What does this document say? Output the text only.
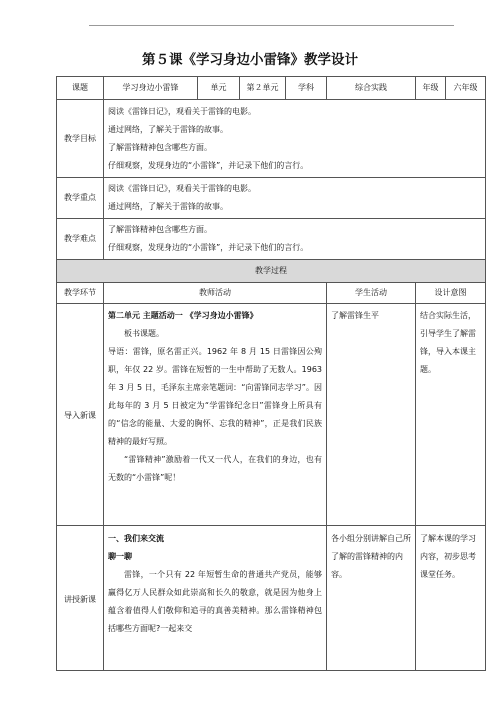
第５课《学习身边小雷锋》教学设计
课题	学习身边小雷锋	单元	第２单元	学科	综合实践	年级	六年级
教学目标	阅读《雷锋日记》，观看关于雷锋的电影。
通过网络，了解关于雷锋的故事。
了解雷锋精神包含哪些方面。
仔细观察，发现身边的“小雷锋”，并记录下他们的言行。						

教学重点	阅读《雷锋日记》，观看关于雷锋的电影。
通过网络，了解关于雷锋的故事。						

教学难点	了解雷锋精神包含哪些方面。
仔细观察，发现身边的“小雷锋”，并记录下他们的言行。						

教学过程							
教学环节	教师活动				学生活动	设计意图	
导入新课	第二单元 主题活动一 《学习身边小雷锋》
板书课题。
导语：雷锋，原名雷正兴。1962 年 8 月 15 日雷锋因公殉职，年仅 22 岁。雷锋在短暂的一生中帮助了无数人。1963 年 3 月 5 日，毛泽东主席亲笔题词：“向雷锋同志学习”。因此每年的 3 月 5 日被定为“学雷锋纪念日”雷锋身上所具有的“信念的能量、大爱的胸怀、忘我的精神”，正是我们民族精神的最好写照。
“雷锋精神”激励着一代又一代人，在我们的身边，也有无数的“小雷锋”呢！				了解雷锋生平	结合实际生活，引导学生了解雷锋，导入本课主题。	
讲授新课	一、我们来交流
聊一聊
雷锋，一个只有 22 年短暂生命的普通共产党员，能够赢得亿万人民群众如此崇高和长久的敬意，就是因为他身上蕴含着值得人们敬仰和追寻的真善美精神。那么雷锋精神包括哪些方面呢?一起来交				各小组分别讲解自己所了解的雷锋精神的内容。	了解本课的学习内容，初步思考课堂任务。	
